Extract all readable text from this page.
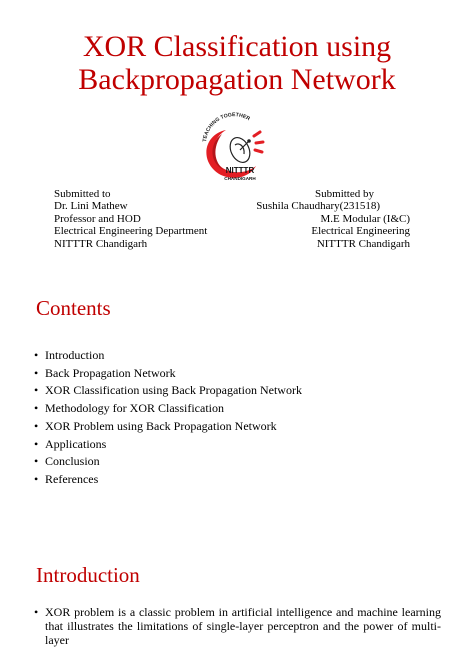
XOR Classification using
Backpropagation Network
TEACHING TOGETHER
NITTTR
CHANDIGARH
Submitted to
Dr. Lini Mathew
Professor and HOD
Electrical Engineering Department
NITTTR Chandigarh
Submitted by
Sushila Chaudhary(231518)
M.E Modular (I&C)
Electrical Engineering
NITTTR Chandigarh
Contents
• Introduction
• Back Propagation Network
• XOR Classification using Back Propagation Network
• Methodology for XOR Classification
• XOR Problem using Back Propagation Network
• Applications
• Conclusion
• References
Introduction
• XOR problem is a classic problem in artificial intelligence and machine learning that illustrates the limitations of single-layer perceptron and the power of multi-layer
